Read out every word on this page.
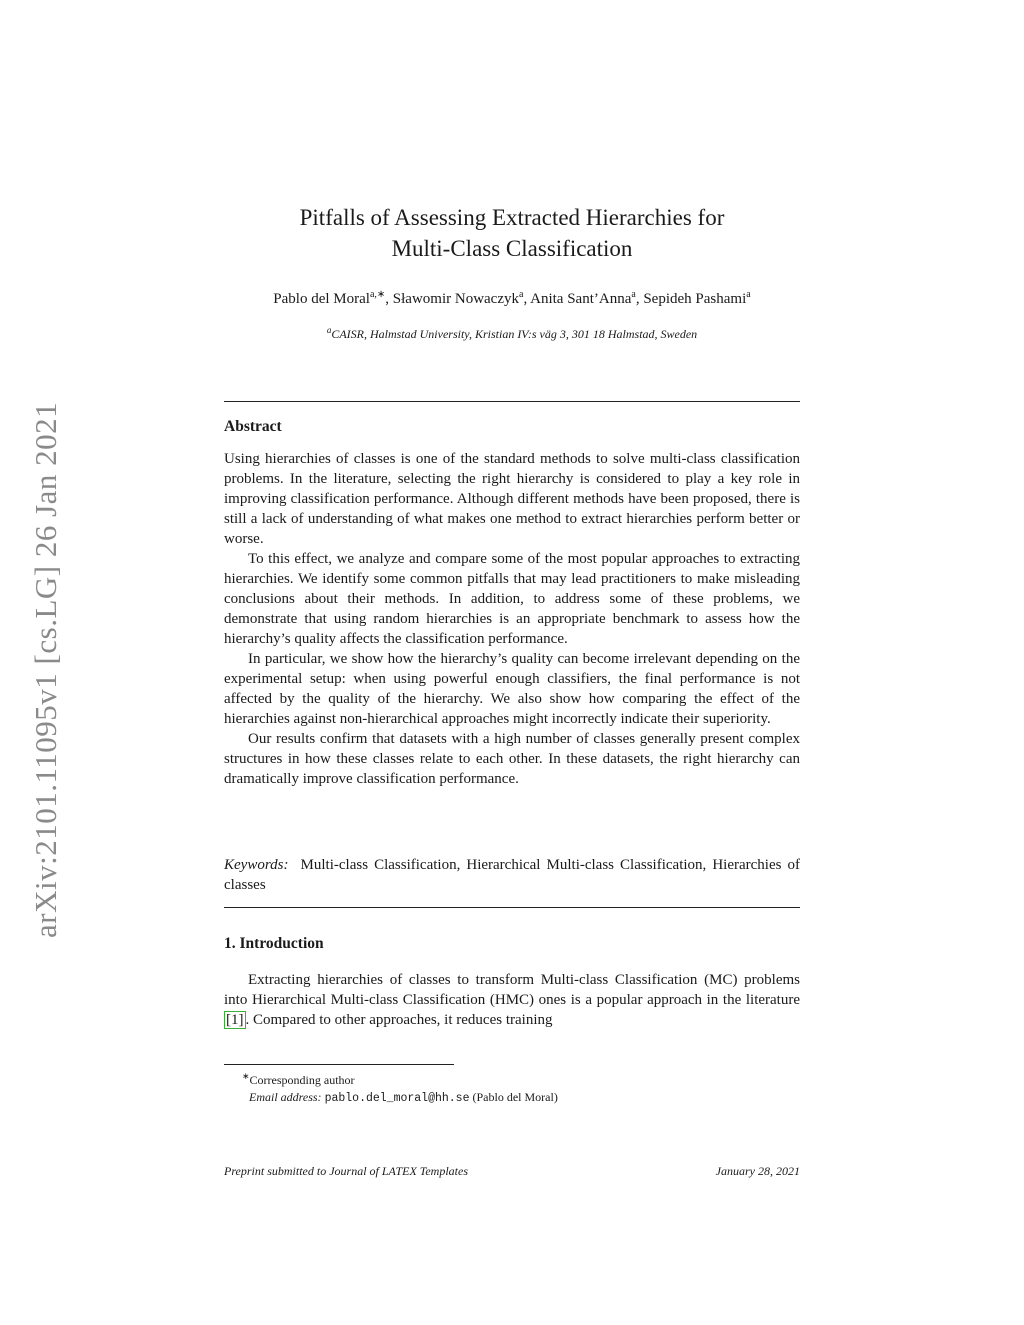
arXiv:2101.11095v1 [cs.LG] 26 Jan 2021
Pitfalls of Assessing Extracted Hierarchies for
Multi-Class Classification
Pablo del Moral$^{a,∗}$, Sławomir Nowaczyk$^a$, Anita Sant’Anna$^a$, Sepideh Pashami$^a$
$^a$CAISR, Halmstad University, Kristian IV:s väg 3, 301 18 Halmstad, Sweden
Abstract

Using hierarchies of classes is one of the standard methods to solve multi-class classification problems. In the literature, selecting the right hierarchy is considered to play a key role in improving classification performance. Although different methods have been proposed, there is still a lack of understanding of what makes one method to extract hierarchies perform better or worse.

To this effect, we analyze and compare some of the most popular approaches to extracting hierarchies. We identify some common pitfalls that may lead practitioners to make misleading conclusions about their methods. In addition, to address some of these problems, we demonstrate that using random hierarchies is an appropriate benchmark to assess how the hierarchy’s quality affects the classification performance.

In particular, we show how the hierarchy’s quality can become irrelevant depending on the experimental setup: when using powerful enough classifiers, the final performance is not affected by the quality of the hierarchy. We also show how comparing the effect of the hierarchies against non-hierarchical approaches might incorrectly indicate their superiority.

Our results confirm that datasets with a high number of classes generally present complex structures in how these classes relate to each other. In these datasets, the right hierarchy can dramatically improve classification performance.

Keywords: Multi-class Classification, Hierarchical Multi-class Classification, Hierarchies of classes

1. Introduction

Extracting hierarchies of classes to transform Multi-class Classification (MC) problems into Hierarchical Multi-class Classification (HMC) ones is a popular approach in the literature [1] . Compared to other approaches, it reduces training

∗Corresponding author
Email address: pablo.del_moral@hh.se (Pablo del Moral)
Preprint submitted to Journal of LATEX Templates	January 28, 2021
